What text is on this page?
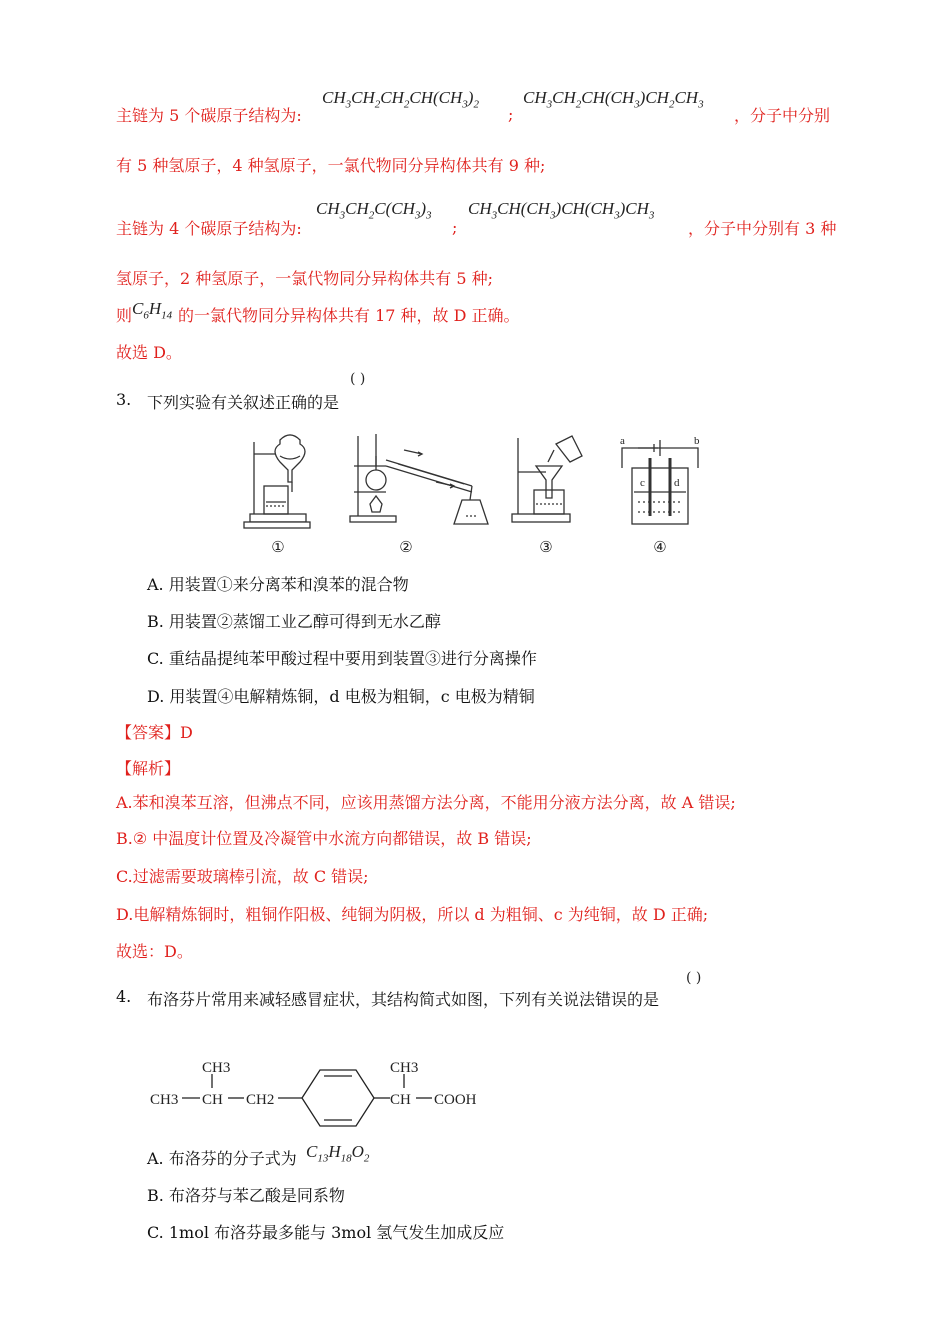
主链为 5 个碳原子结构为:
$CH_3CH_2CH_2CH(CH_3)_2$
;
$CH_3CH_2CH(CH_3)CH_2CH_3$
，分子中分别
有 5 种氢原子，4 种氢原子，一氯代物同分异构体共有 9 种;
主链为 4 个碳原子结构为:
$CH_3CH_2C(CH_3)_3$
;
$CH_3CH(CH_3)CH(CH_3)CH_3$
，分子中分别有 3 种
氢原子，2 种氢原子，一氯代物同分异构体共有 5 种;
则 $C_6H_{14}$ 的一氯代物同分异构体共有 17 种，故 D 正确。
故选 D。
3. 下列实验有关叙述正确的是
( )
a	b
c	d
①	②	③	④
A. 用装置①来分离苯和溴苯的混合物
B. 用装置②蒸馏工业乙醇可得到无水乙醇
C. 重结晶提纯苯甲酸过程中要用到装置③进行分离操作
D. 用装置④电解精炼铜，d 电极为粗铜，c 电极为精铜
【答案】D
【解析】
A.苯和溴苯互溶，但沸点不同，应该用蒸馏方法分离，不能用分液方法分离，故 A 错误;
B.② 中温度计位置及冷凝管中水流方向都错误，故 B 错误;
C.过滤需要玻璃棒引流，故 C 错误;
D.电解精炼铜时，粗铜作阳极、纯铜为阴极，所以 d 为粗铜、c 为纯铜，故 D 正确;
故选：D。
4. 布洛芬片常用来减轻感冒症状，其结构简式如图，下列有关说法错误的是
( )
CH3
CH3 CH CH2
CH3
CH COOH
A. 布洛芬的分子式为 $C_{13}H_{18}O_2$
B. 布洛芬与苯乙酸是同系物
C. 1mol 布洛芬最多能与 3mol 氢气发生加成反应
